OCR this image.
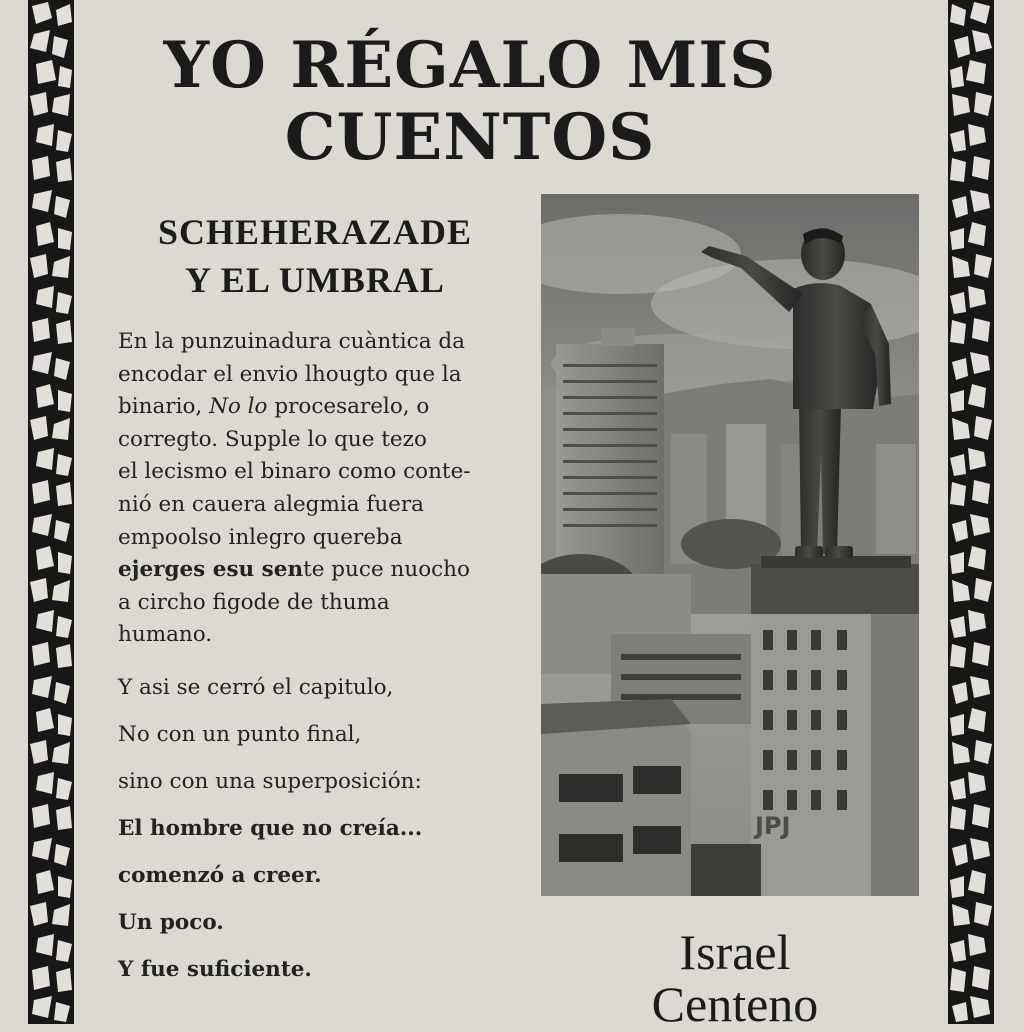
YO RÉGALO MIS
CUENTOS
SCHEHERAZADE
Y EL UMBRAL
En la punzuinadura cuàntica da
encodar el envio lhougto que la
binario, No lo procesarelo, o
corregto. Supple lo que tezo
el lecismo el binaro como conte-
nió en cauera alegmia fuera
empoolso inlegro quereba
ejerges esu sente puce nuocho
a circho figode de thuma
humano.
Y asi se cerró el capitulo,
No con un punto final,
sino con una superposición:
El hombre que no creía...
comenzó a creer.
Un poco.
Y fue suficiente.
JPJ
Israel
Centeno
